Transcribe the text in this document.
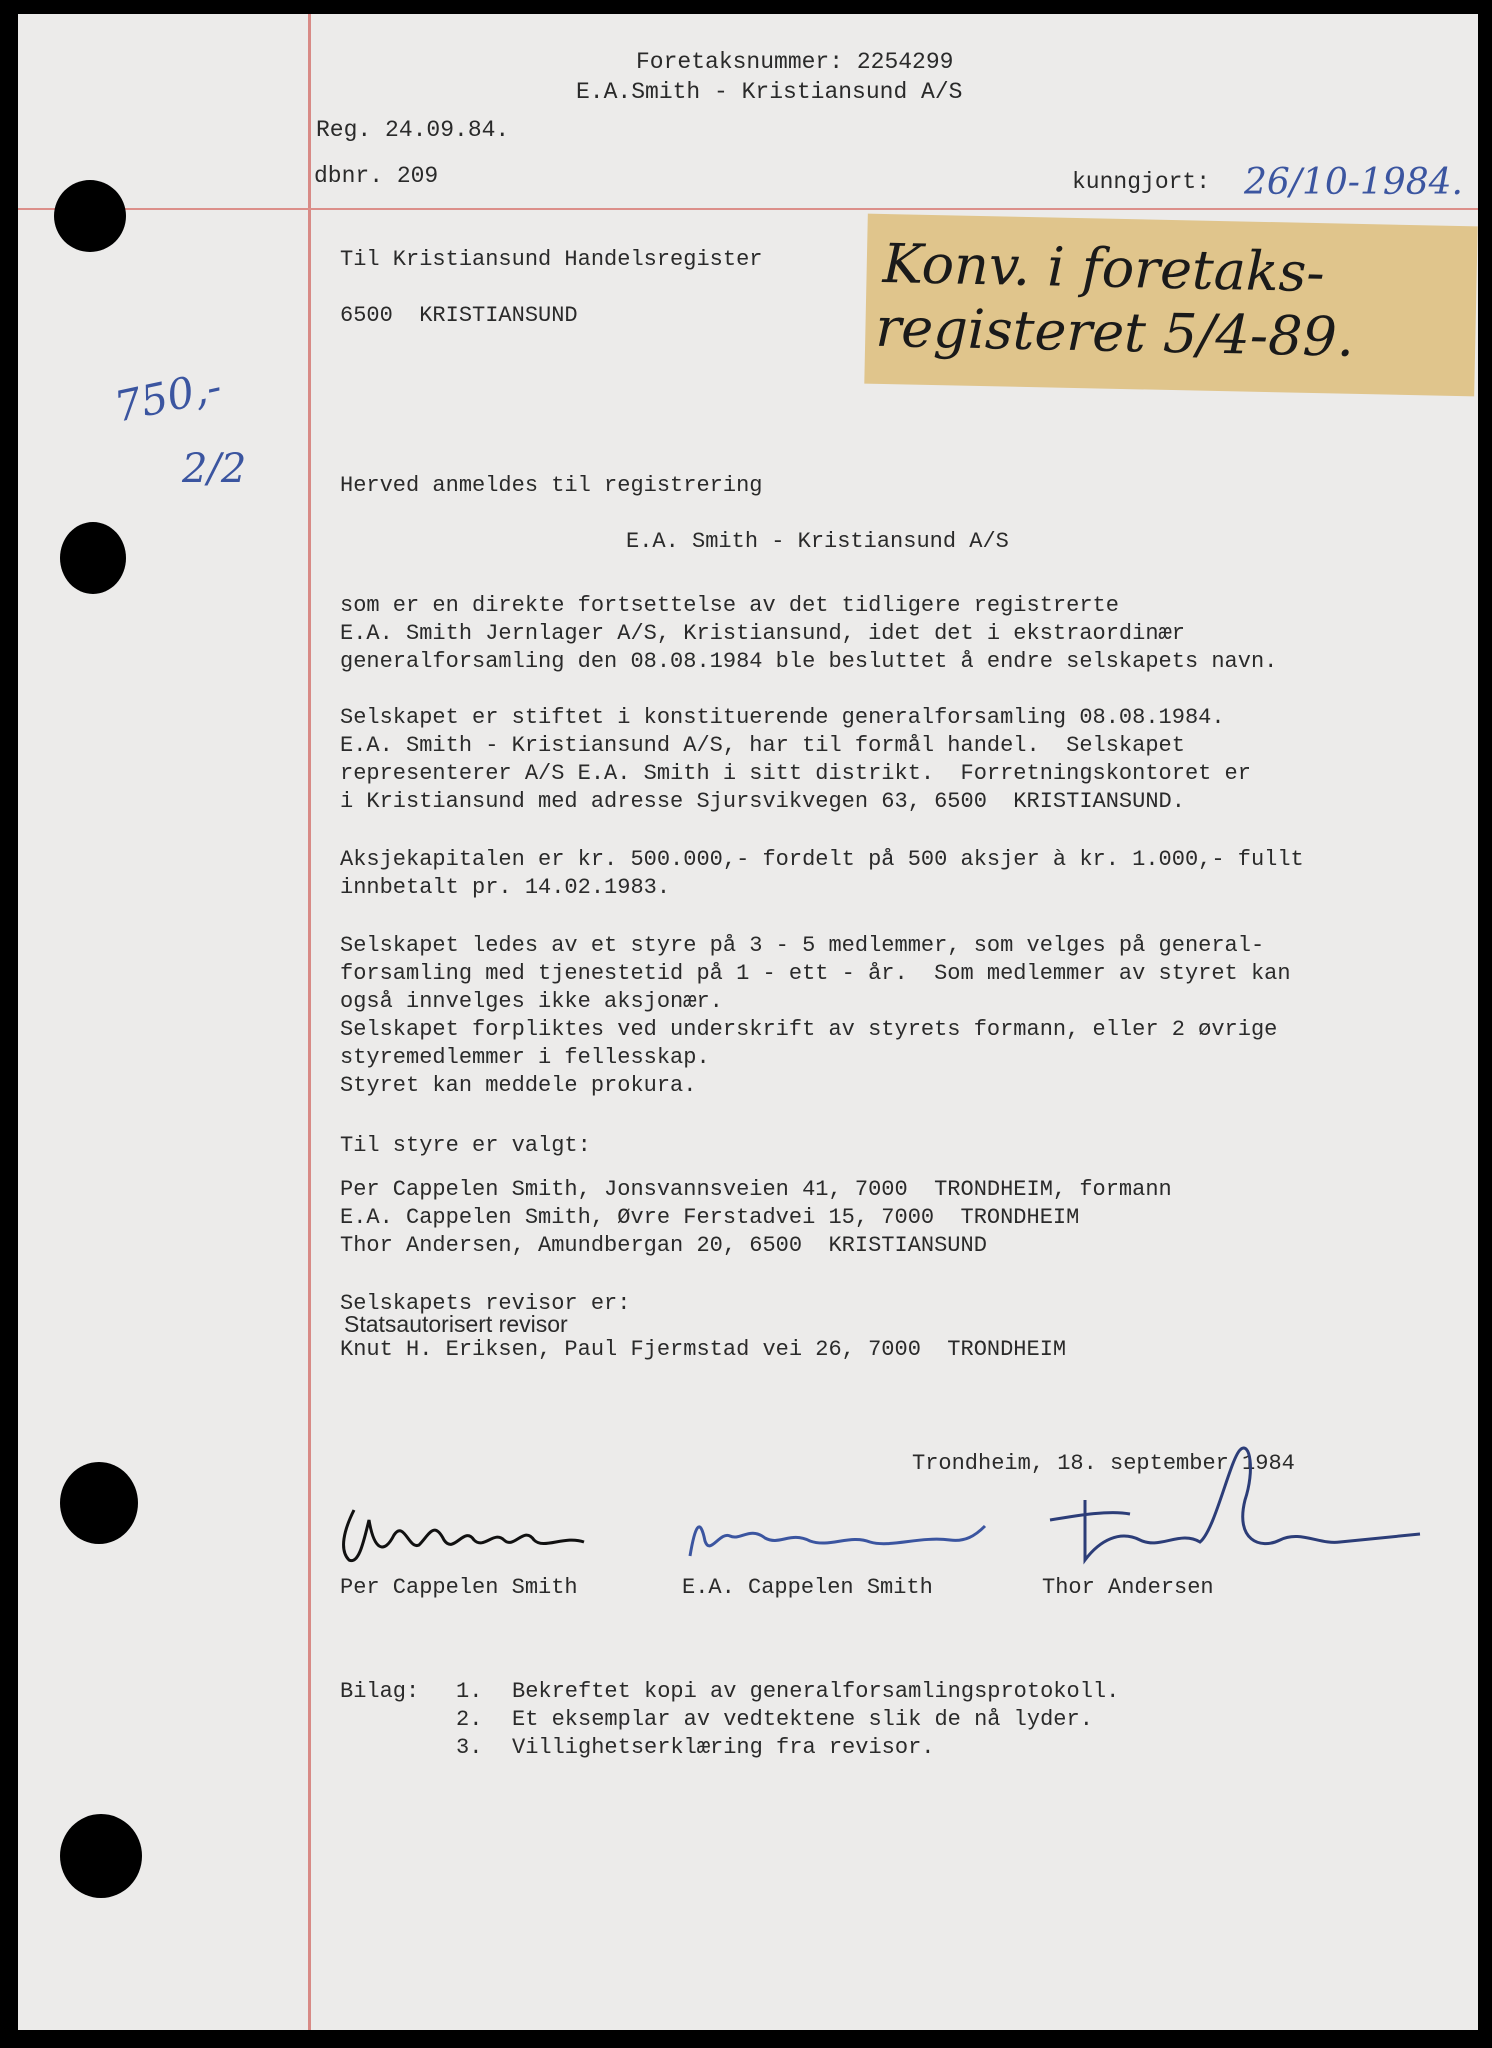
Foretaksnummer: 2254299
E.A.Smith - Kristiansund A/S
Reg. 24.09.84.
dbnr. 209	kunngjort: 26/10-1984.
Konv. i foretaks-
registeret 5/4-89.
750,-
2/2

Til Kristiansund Handelsregister
6500  KRISTIANSUND
Herved anmeldes til registrering
E.A. Smith - Kristiansund A/S
som er en direkte fortsettelse av det tidligere registrerte
E.A. Smith Jernlager A/S, Kristiansund, idet det i ekstraordinær
generalforsamling den 08.08.1984 ble besluttet å endre selskapets navn.
Selskapet er stiftet i konstituerende generalforsamling 08.08.1984.
E.A. Smith - Kristiansund A/S, har til formål handel.  Selskapet
representerer A/S E.A. Smith i sitt distrikt.  Forretningskontoret er
i Kristiansund med adresse Sjursvikvegen 63, 6500  KRISTIANSUND.
Aksjekapitalen er kr. 500.000,- fordelt på 500 aksjer à kr. 1.000,- fullt
innbetalt pr. 14.02.1983.
Selskapet ledes av et styre på 3 - 5 medlemmer, som velges på general-
forsamling med tjenestetid på 1 - ett - år.  Som medlemmer av styret kan
også innvelges ikke aksjonær.
Selskapet forpliktes ved underskrift av styrets formann, eller 2 øvrige
styremedlemmer i fellesskap.
Styret kan meddele prokura.
Til styre er valgt:
Per Cappelen Smith, Jonsvannsveien 41, 7000  TRONDHEIM, formann
E.A. Cappelen Smith, Øvre Ferstadvei 15, 7000  TRONDHEIM
Thor Andersen, Amundbergan 20, 6500  KRISTIANSUND
Selskapets revisor er:
Statsautorisert revisor
Knut H. Eriksen, Paul Fjermstad vei 26, 7000  TRONDHEIM
Trondheim, 18. september 1984
Per Cappelen Smith	E.A. Cappelen Smith	Thor Andersen
Bilag: 1. Bekreftet kopi av generalforsamlingsprotokoll.
2. Et eksemplar av vedtektene slik de nå lyder.
3. Villighetserklæring fra revisor.
